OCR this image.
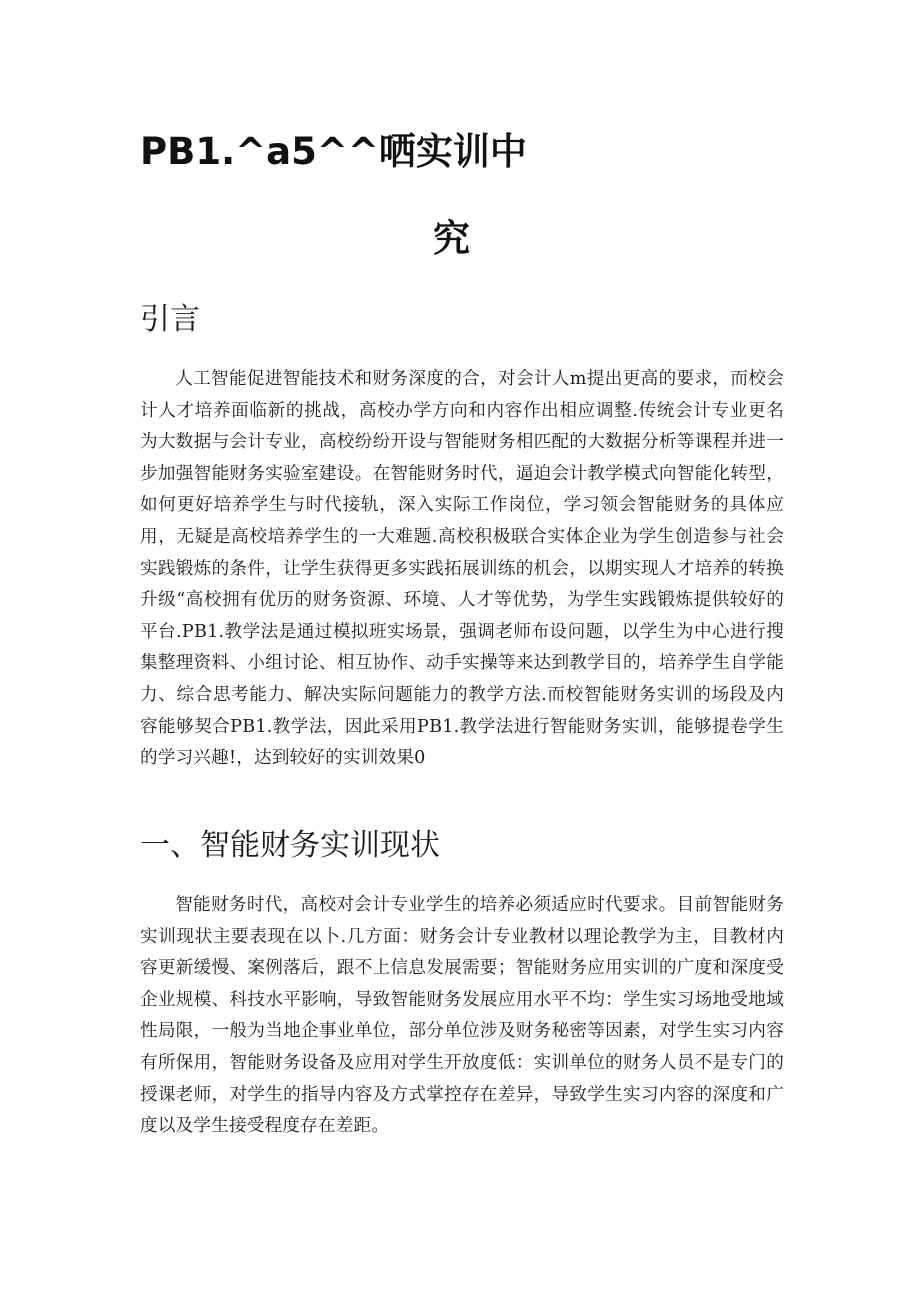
PB1.^a5^^哂实训中
究
引言
人工智能促进智能技术和财务深度的合，对会计人m提出更高的要求，而校会计人才培养面临新的挑战，高校办学方向和内容作出相应调整.传统会计专业更名为大数据与会计专业，高校纷纷开设与智能财务相匹配的大数据分析等课程并进一步加强智能财务实验室建设。在智能财务时代，逼迫会计教学模式向智能化转型，如何更好培养学生与时代接轨，深入实际工作岗位，学习领会智能财务的具体应用，无疑是高校培养学生的一大难题.高校积极联合实体企业为学生创造参与社会实践锻炼的条件，让学生获得更多实践拓展训练的机会，以期实现人才培养的转换升级“高校拥有优历的财务资源、环境、人才等优势，为学生实践锻炼提供较好的平台.PB1.教学法是通过模拟班实场景，强调老师布设问题，以学生为中心进行搜集整理资料、小组讨论、相互协作、动手实操等来达到教学目的，培养学生自学能力、综合思考能力、解决实际问题能力的教学方法.而校智能财务实训的场段及内容能够契合PB1.教学法，因此采用PB1.教学法进行智能财务实训，能够提卷学生的学习兴趣!，达到较好的实训效果0
一、智能财务实训现状
智能财务时代，高校对会计专业学生的培养必须适应时代要求。目前智能财务实训现状主要表现在以卜.几方面：财务会计专业教材以理论教学为主，目教材内容更新缓慢、案例落后，跟不上信息发展需要；智能财务应用实训的广度和深度受企业规模、科技水平影响，导致智能财务发展应用水平不均：学生实习场地受地域性局限，一般为当地企事业单位，部分单位涉及财务秘密等因素，对学生实习内容有所保用，智能财务设备及应用对学生开放度低：实训单位的财务人员不是专门的授课老师，对学生的指导内容及方式掌控存在差异，导致学生实习内容的深度和广度以及学生接受程度存在差距。
